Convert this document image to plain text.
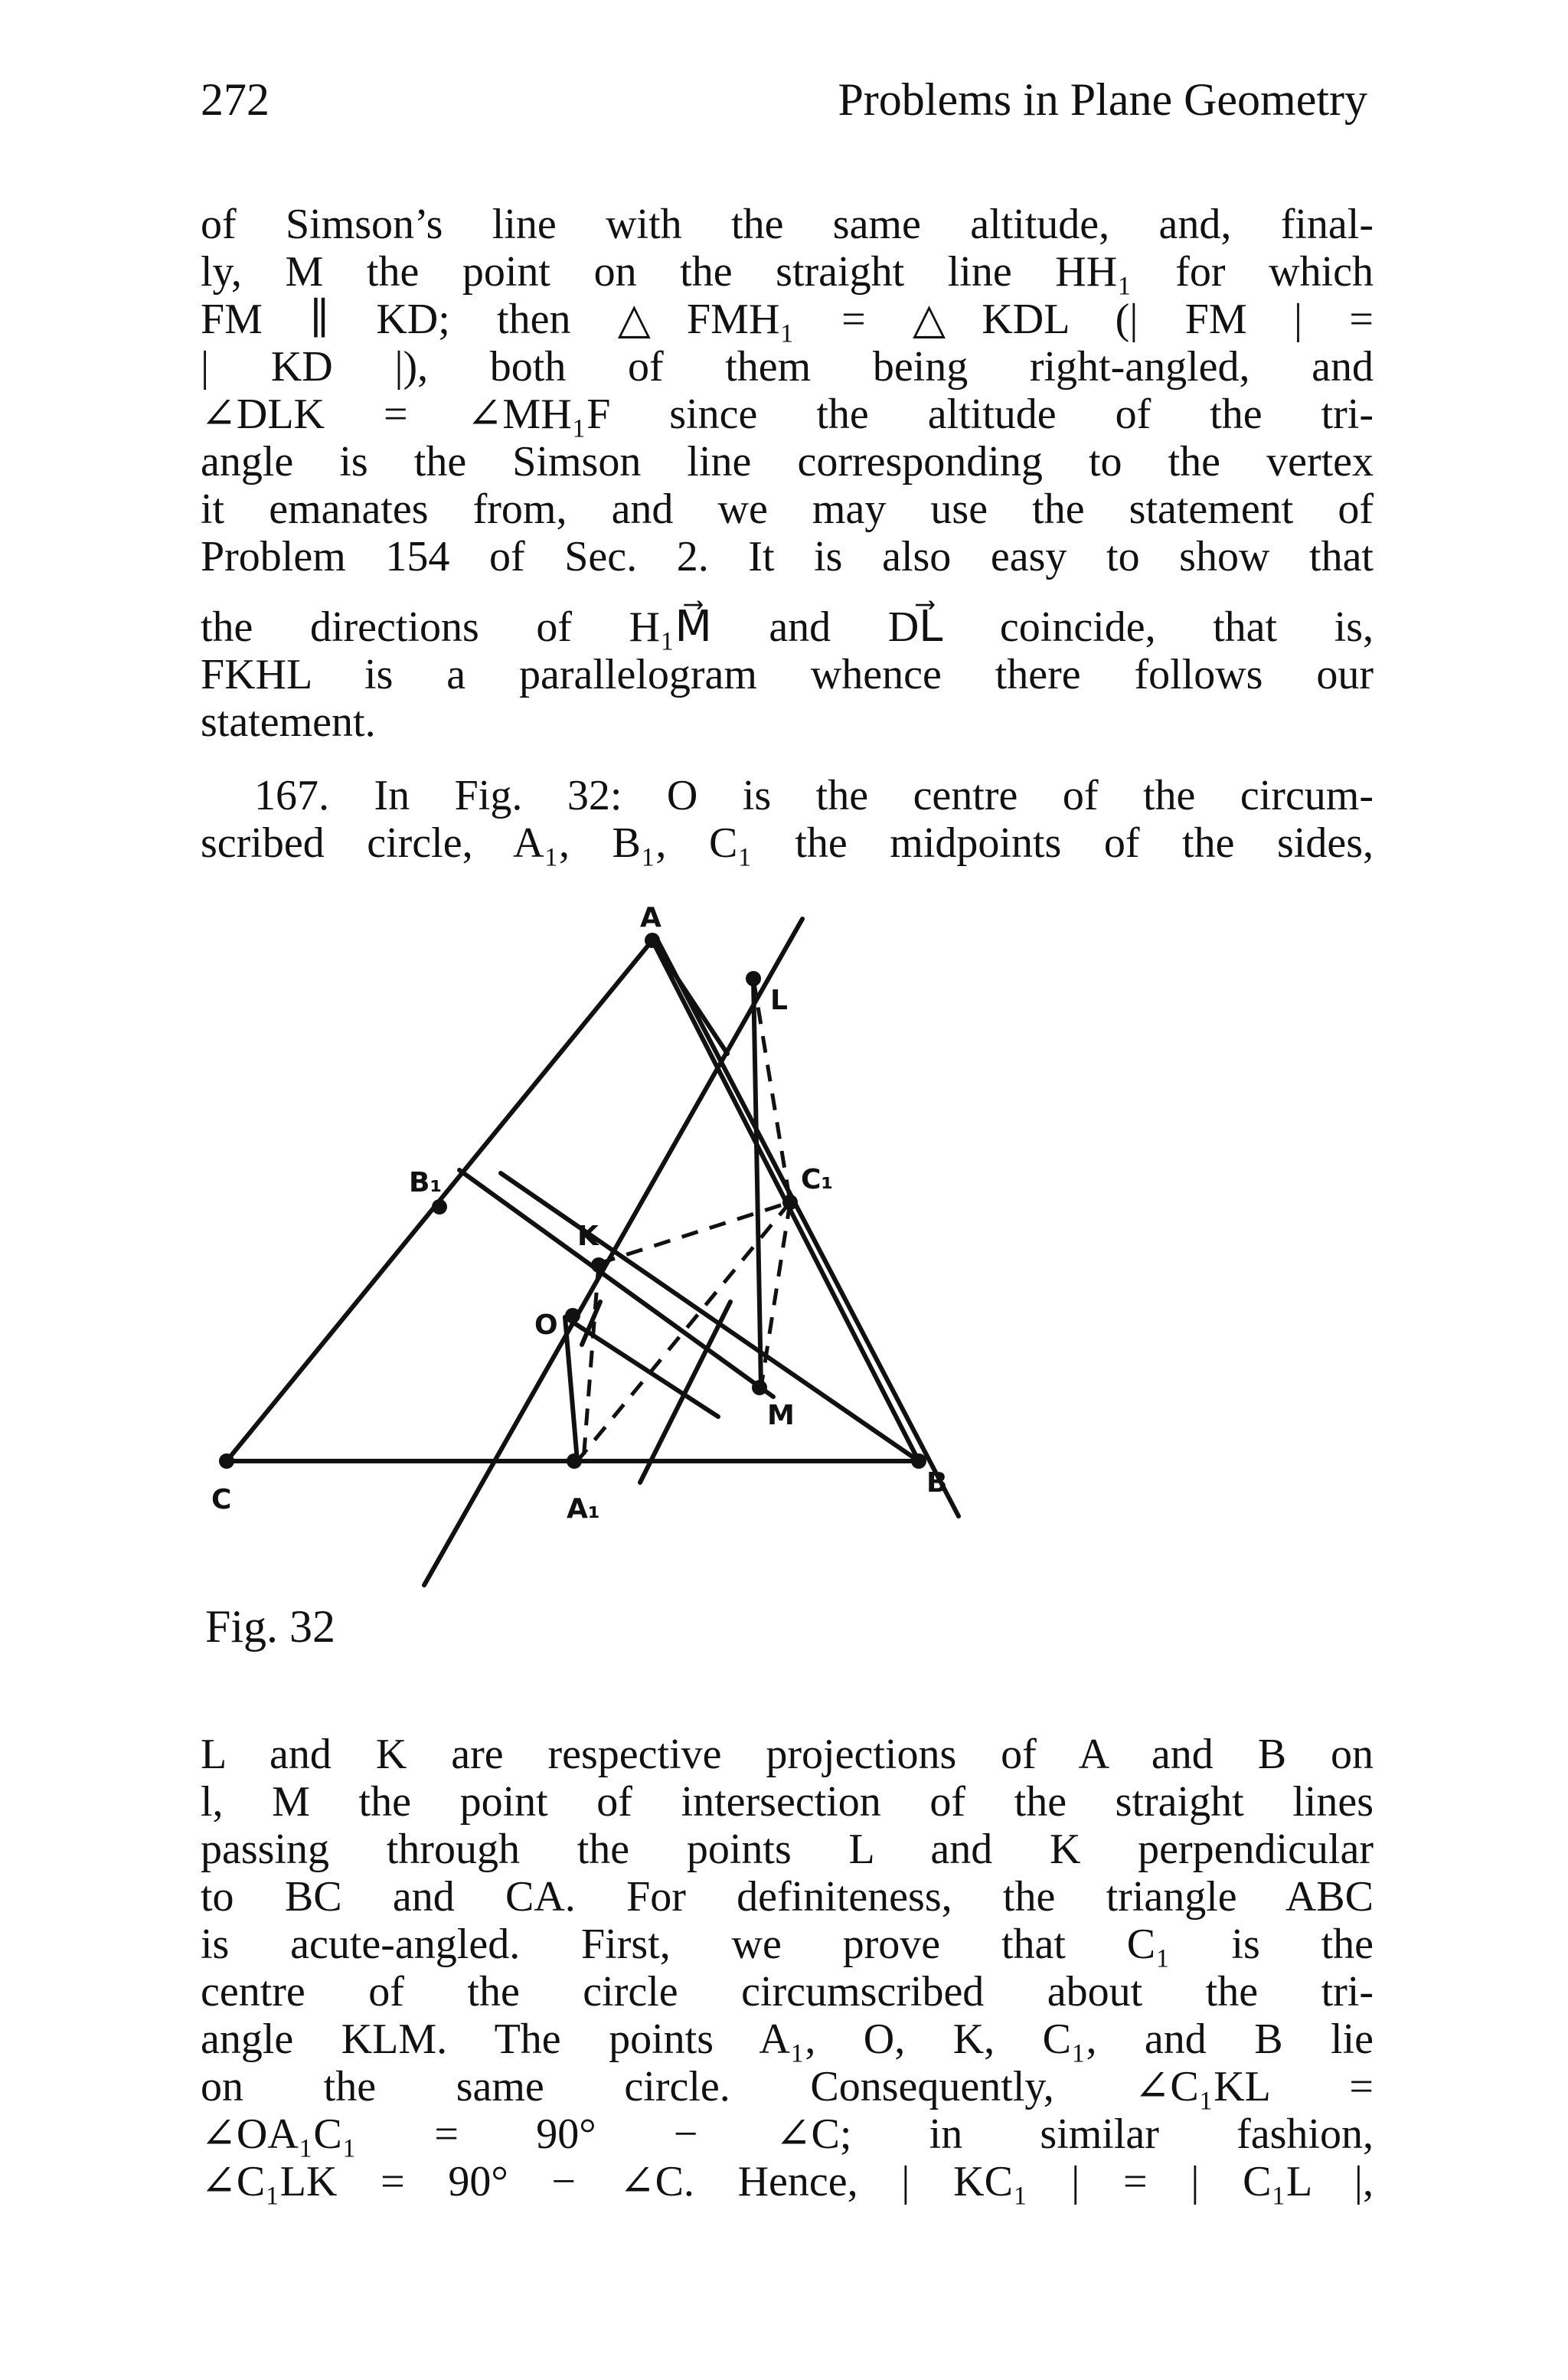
272	Problems in Plane Geometry
of Simson’s line with the same altitude, and, final-
ly, M the point on the straight line HH₁ for which
FM ∥ KD; then △FMH₁ = △KDL (| FM | =
| KD |), both of them being right-angled, and
∠DLK = ∠MH₁F since the altitude of the tri-
angle is the Simson line corresponding to the vertex
it emanates from, and we may use the statement of
Problem 154 of Sec. 2. It is also easy to show that
the directions of H₁M⃗ and DL⃗ coincide, that is,
FKHL is a parallelogram whence there follows our
statement.
167. In Fig. 32: O is the centre of the circum-
scribed circle, A₁, B₁, C₁ the midpoints of the sides,
A
B
C
B₁	C₁
A₁
O
K
L
M
Fig. 32
L and K are respective projections of A and B on
l, M the point of intersection of the straight lines
passing through the points L and K perpendicular
to BC and CA. For definiteness, the triangle ABC
is acute-angled. First, we prove that C₁ is the
centre of the circle circumscribed about the tri-
angle KLM. The points A₁, O, K, C₁, and B lie
on the same circle. Consequently, ∠C₁KL =
∠OA₁C₁ = 90° − ∠C; in similar fashion,
∠C₁LK = 90° − ∠C. Hence, | KC₁ | = | C₁L |,
